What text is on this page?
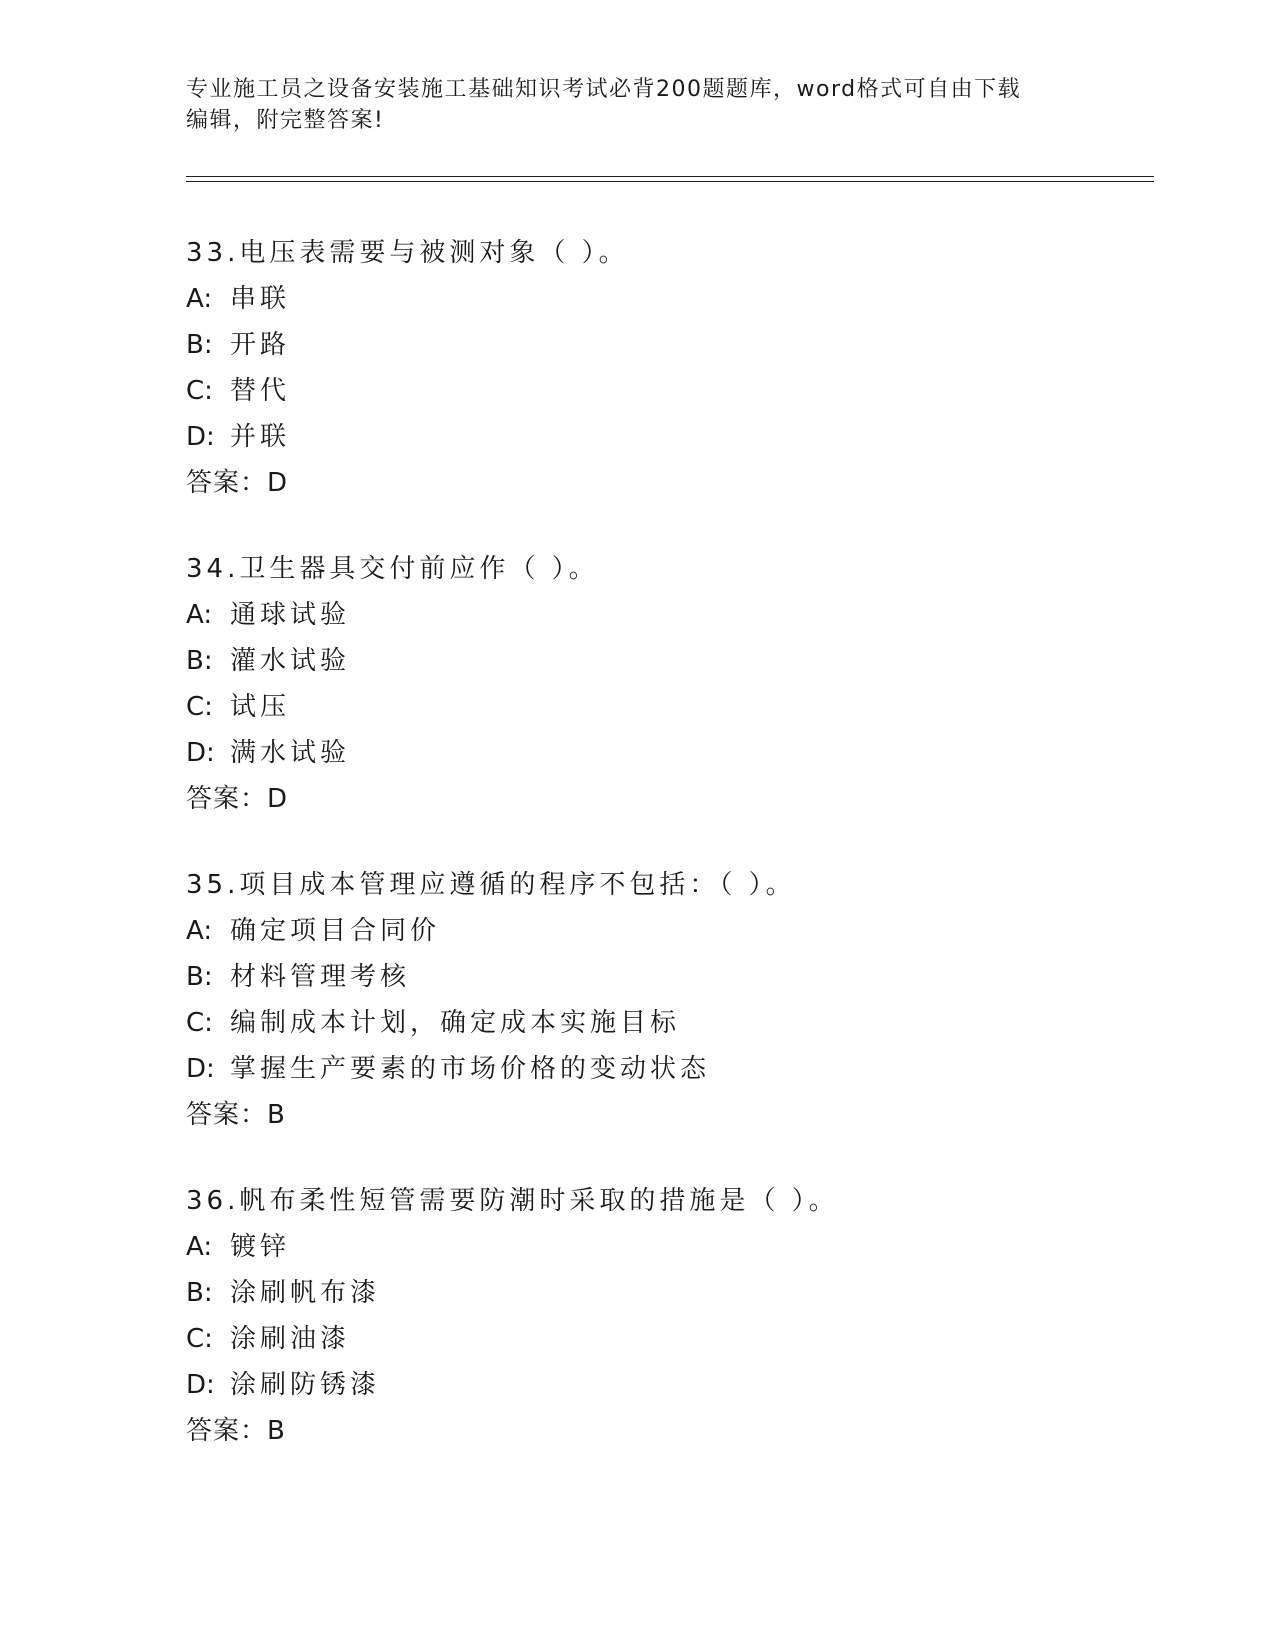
专业施工员之设备安装施工基础知识考试必背200题题库，word格式可自由下载

编辑，附完整答案!

33.电压表需要与被测对象（ ）。
A: 串联
B: 开路
C: 替代
D: 并联
答案：D
34.卫生器具交付前应作（ ）。
A: 通球试验
B: 灌水试验
C: 试压
D: 满水试验
答案：D
35.项目成本管理应遵循的程序不包括：（ ）。
A: 确定项目合同价
B: 材料管理考核
C: 编制成本计划，确定成本实施目标
D: 掌握生产要素的市场价格的变动状态
答案：B
36.帆布柔性短管需要防潮时采取的措施是（ ）。
A: 镀锌
B: 涂刷帆布漆
C: 涂刷油漆
D: 涂刷防锈漆
答案：B
